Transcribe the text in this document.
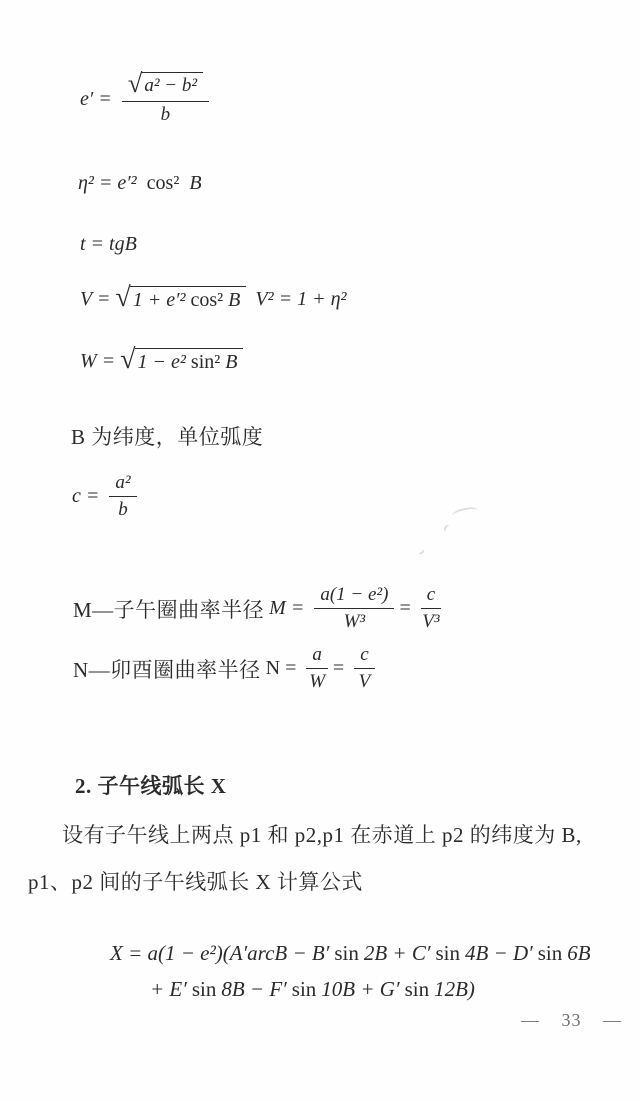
$e' = \frac{\text{√ a² − b²}}{b}$
η² = e′² cos² B
t = tgB
V = √ 1 + e′² cos² B V² = 1 + η²
W = √ 1 − e² sin² B
B 为纬度，单位弧度
$c = \frac{\text{a²}}{b}$
M—子午圈曲率半径 $M = \frac{\text{a(1 − e²)}}{\text{W³}} = \frac{c}{\text{V³}}$
N—卯酉圈曲率半径 $N = \frac{a}{W} = \frac{c}{V}$
2. 子午线弧长 X
设有子午线上两点 p1 和 p2,p1 在赤道上 p2 的纬度为 B,
p1、p2 间的子午线弧长 X 计算公式
X = a(1 − e²)(A′arcB − B′ sin 2B + C′ sin 4B − D′ sin 6B
+ E′ sin 8B − F′ sin 10B + G′ sin 12B)
— 33 —
